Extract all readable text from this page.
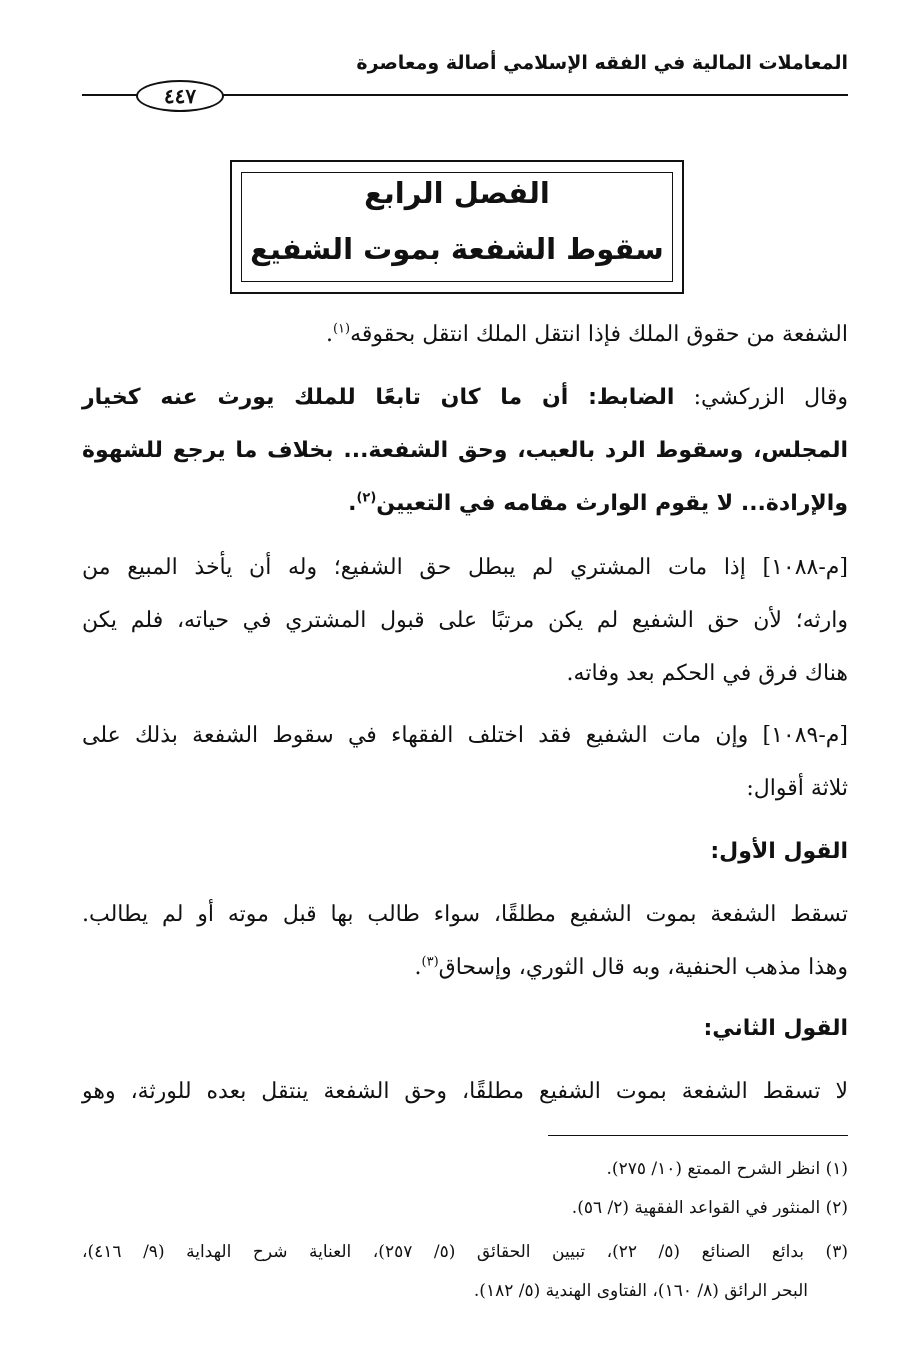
المعاملات المالية في الفقه الإسلامي أصالة ومعاصرة
٤٤٧
الفصل الرابع
سقوط الشفعة بموت الشفيع
الشفعة من حقوق الملك فإذا انتقل الملك انتقل بحقوقه$^{(١)}$.
وقال الزركشي: الضابط: أن ما كان تابعًا للملك يورث عنه كخيار
المجلس، وسقوط الرد بالعيب، وحق الشفعة... بخلاف ما يرجع للشهوة
والإرادة... لا يقوم الوارث مقامه في التعيين$^{(٢)}$.
[م-١٠٨٨] إذا مات المشتري لم يبطل حق الشفيع؛ وله أن يأخذ المبيع من
وارثه؛ لأن حق الشفيع لم يكن مرتبًا على قبول المشتري في حياته، فلم يكن
هناك فرق في الحكم بعد وفاته.
[م-١٠٨٩] وإن مات الشفيع فقد اختلف الفقهاء في سقوط الشفعة بذلك على
ثلاثة أقوال:
القول الأول:
تسقط الشفعة بموت الشفيع مطلقًا، سواء طالب بها قبل موته أو لم يطالب.
وهذا مذهب الحنفية، وبه قال الثوري، وإسحاق$^{(٣)}$.
القول الثاني:
لا تسقط الشفعة بموت الشفيع مطلقًا، وحق الشفعة ينتقل بعده للورثة، وهو
(١) انظر الشرح الممتع (١٠/ ٢٧٥).
(٢) المنثور في القواعد الفقهية (٢/ ٥٦).
(٣) بدائع الصنائع (٥/ ٢٢)، تبيين الحقائق (٥/ ٢٥٧)، العناية شرح الهداية (٩/ ٤١٦)،
البحر الرائق (٨/ ١٦٠)، الفتاوى الهندية (٥/ ١٨٢).
